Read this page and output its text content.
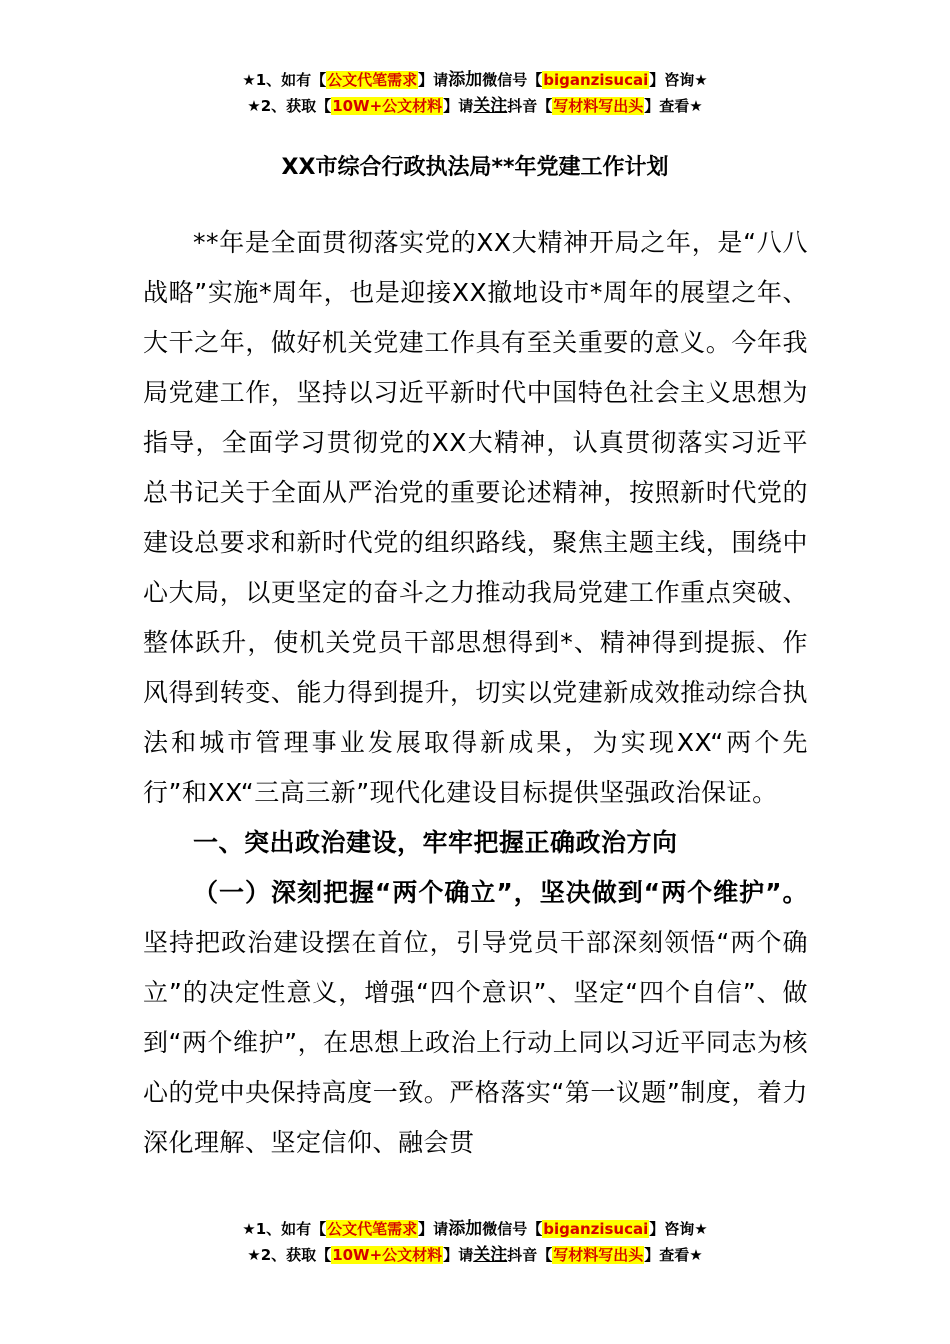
★1、如有【公文代笔需求】请添加微信号【biganzisucai】咨询★
★2、获取【10W+公文材料】请关注抖音【写材料写出头】查看★
XX市综合行政执法局**年党建工作计划

**年是全面贯彻落实党的XX大精神开局之年，是“八八战略”实施*周年，也是迎接XX撤地设市*周年的展望之年、大干之年，做好机关党建工作具有至关重要的意义。今年我局党建工作，坚持以习近平新时代中国特色社会主义思想为指导，全面学习贯彻党的XX大精神，认真贯彻落实习近平总书记关于全面从严治党的重要论述精神，按照新时代党的建设总要求和新时代党的组织路线，聚焦主题主线，围绕中心大局，以更坚定的奋斗之力推动我局党建工作重点突破、整体跃升，使机关党员干部思想得到*、精神得到提振、作风得到转变、能力得到提升，切实以党建新成效推动综合执法和城市管理事业发展取得新成果，为实现XX“两个先行”和XX“三高三新”现代化建设目标提供坚强政治保证。

一、突出政治建设，牢牢把握正确政治方向

（一）深刻把握“两个确立”，坚决做到“两个维护”。坚持把政治建设摆在首位，引导党员干部深刻领悟“两个确立”的决定性意义，增强“四个意识”、坚定“四个自信”、做到“两个维护”，在思想上政治上行动上同以习近平同志为核心的党中央保持高度一致。严格落实“第一议题”制度，着力深化理解、坚定信仰、融会贯

★1、如有【公文代笔需求】请添加微信号【biganzisucai】咨询★
★2、获取【10W+公文材料】请关注抖音【写材料写出头】查看★
